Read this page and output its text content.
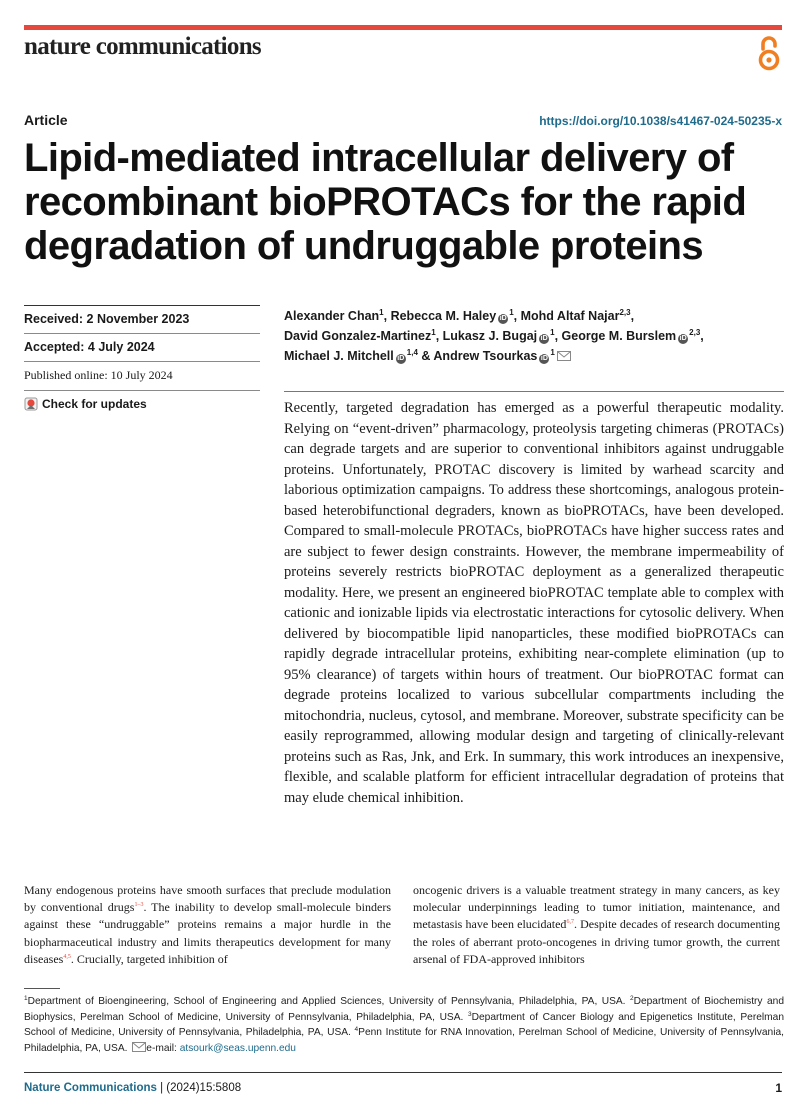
nature communications
Article	https://doi.org/10.1038/s41467-024-50235-x
Lipid-mediated intracellular delivery of
recombinant bioPROTACs for the rapid
degradation of undruggable proteins
Received: 2 November 2023
Accepted: 4 July 2024
Published online: 10 July 2024
Check for updates
Alexander Chan$^1$, Rebecca M. Haley $iD^1$, Mohd Altaf Najar$^{2,3}$,
David Gonzalez-Martinez$^1$, Lukasz J. Bugaj $iD^1$, George M. Burslem iD$^{2,3}$,
Michael J. Mitchell iD$^{1,4}$ & Andrew Tsourkas $iD^1$

Recently, targeted degradation has emerged as a powerful therapeutic modality. Relying on “event-driven” pharmacology, proteolysis targeting chimeras (PROTACs) can degrade targets and are superior to conventional inhibitors against undruggable proteins. Unfortunately, PROTAC discovery is limited by warhead scarcity and laborious optimization campaigns. To address these shortcomings, analogous protein-based heterobifunctional degraders, known as bioPROTACs, have been developed. Compared to small-molecule PROTACs, bioPROTACs have higher success rates and are subject to fewer design constraints. However, the membrane impermeability of proteins severely restricts bioPROTAC deployment as a generalized therapeutic modality. Here, we present an engineered bioPROTAC template able to complex with cationic and ionizable lipids via electrostatic interactions for cytosolic delivery. When delivered by biocompatible lipid nanoparticles, these modified bioPROTACs can rapidly degrade intracellular proteins, exhibiting near-complete elimination (up to 95% clearance) of targets within hours of treatment. Our bioPROTAC format can degrade proteins localized to various subcellular compartments including the mitochondria, nucleus, cytosol, and membrane. Moreover, substrate specificity can be easily reprogrammed, allowing modular design and targeting of clinically-relevant proteins such as Ras, Jnk, and Erk. In summary, this work introduces an inexpensive, flexible, and scalable platform for efficient intracellular degradation of proteins that may elude chemical inhibition.

Many endogenous proteins have smooth surfaces that preclude modulation by conventional drugs$^{1-3}$. The inability to develop small-molecule binders against these “undruggable” proteins remains a major hurdle in the biopharmaceutical industry and limits therapeutics development for many diseases$^{4,5}$. Crucially, targeted inhibition of

oncogenic drivers is a valuable treatment strategy in many cancers, as key molecular underpinnings leading to tumor initiation, maintenance, and metastasis have been elucidated$^{6,7}$. Despite decades of research documenting the roles of aberrant proto-oncogenes in driving tumor growth, the current arsenal of FDA-approved inhibitors

$^1$Department of Bioengineering, School of Engineering and Applied Sciences, University of Pennsylvania, Philadelphia, PA, USA. $^2$Department of Biochemistry and Biophysics, Perelman School of Medicine, University of Pennsylvania, Philadelphia, PA, USA. $^3$Department of Cancer Biology and Epigenetics Institute, Perelman School of Medicine, University of Pennsylvania, Philadelphia, PA, USA. $^4$Penn Institute for RNA Innovation, Perelman School of Medicine, University of Pennsylvania, Philadelphia, PA, USA. e-mail: atsourk@seas.upenn.edu

Nature Communications | (2024)15:5808	1
